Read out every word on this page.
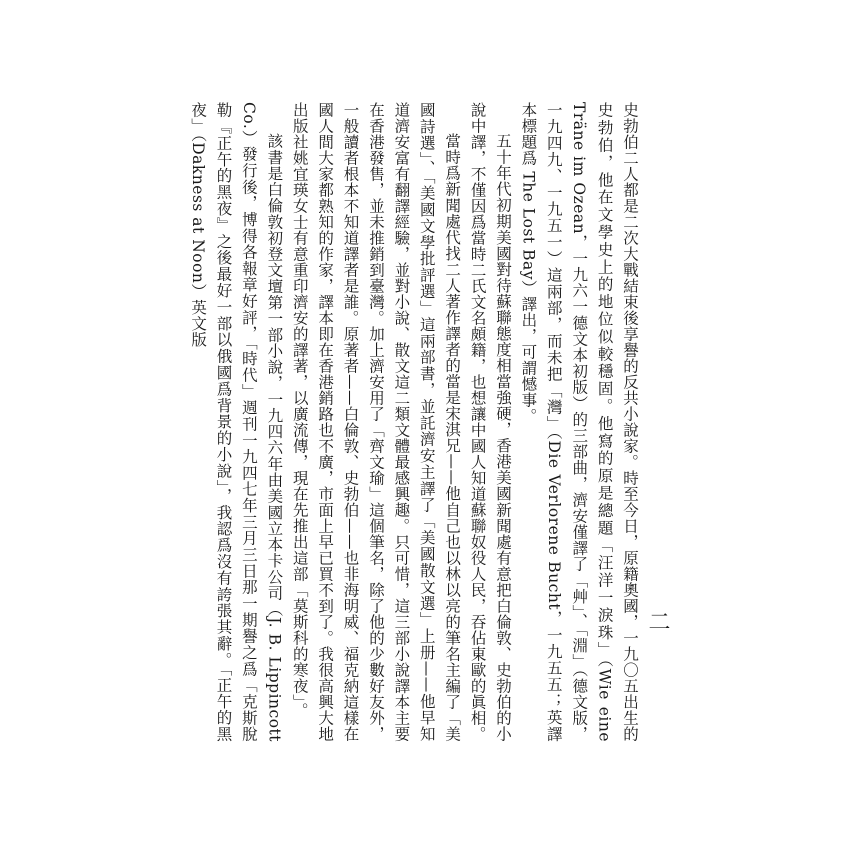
二

史勃伯二人都是二次大戰結束後享譽的反共小說家。時至今日，原籍奧國，一九〇五出生的史勃伯，他在文學史上的地位似較穩固。他寫的原是總題「汪洋一淚珠」（Wie eine Träne im Ozean，一九六一德文本初版）的三部曲，濟安僅譯了「艸」、「淵」（德文版，一九四九、一九五一）這兩部，而未把「灣」（Die Verlorene Bucht，一九五五；英譯本標題爲 The Lost Bay）譯出，可謂憾事。

五十年代初期美國對待蘇聯態度相當強硬，香港美國新聞處有意把白倫敦、史勃伯的小說中譯，不僅因爲當時二氏文名頗籍，也想讓中國人知道蘇聯奴役人民，吞佔東歐的眞相。

當時爲新聞處代找二人著作譯者的當是宋淇兄——他自己也以林以亮的筆名主編了「美國詩選」、「美國文學批評選」這兩部書，並託濟安主譯了「美國散文選」上册——他早知道濟安富有翻譯經驗，並對小說、散文這二類文體最感興趣。只可惜，這三部小說譯本主要在香港發售，並未推銷到臺灣。加上濟安用了「齊文瑜」這個筆名，除了他的少數好友外，一般讀者根本不知道譯者是誰。原著者——白倫敦、史勃伯——也非海明威、福克納這樣在國人間大家都熟知的作家，譯本即在香港銷路也不廣，市面上早已買不到了。我很高興大地出版社姚宜瑛女士有意重印濟安的譯著，以廣流傳，現在先推出這部「莫斯科的寒夜」。

該書是白倫敦初登文壇第一部小說，一九四六年由美國立本卡公司（J. B. Lippincott Co.）發行後，博得各報章好評，「時代」週刊一九四七年三月三日那一期譽之爲「克斯脫勒『正午的黑夜』之後最好一部以俄國爲背景的小說」，我認爲沒有誇張其辭。「正午的黑夜」（Dakness at Noon）英文版
